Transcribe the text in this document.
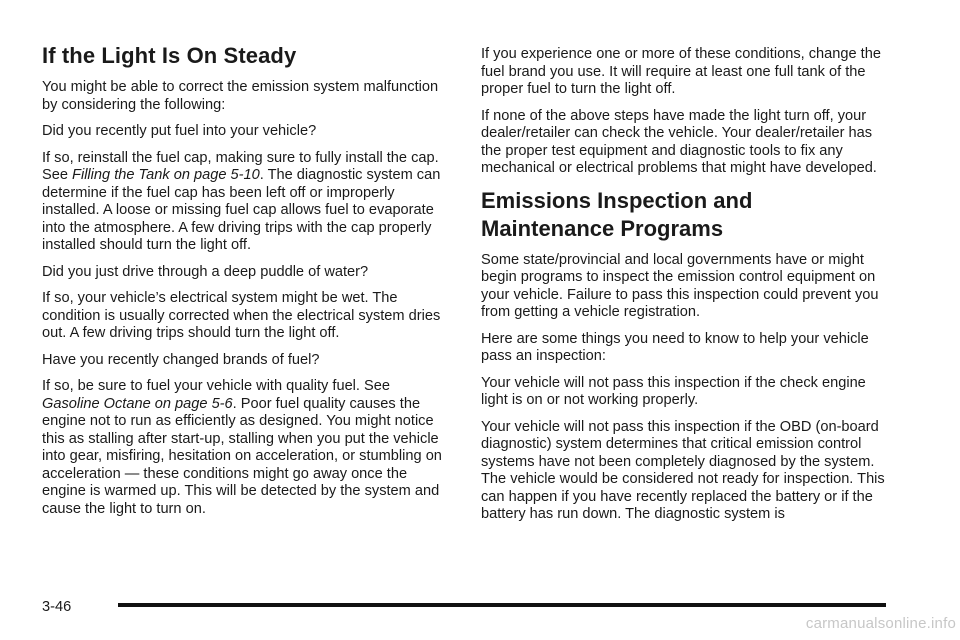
If the Light Is On Steady

You might be able to correct the emission system malfunction by considering the following:

Did you recently put fuel into your vehicle?

If so, reinstall the fuel cap, making sure to fully install the cap. See Filling the Tank on page 5-10. The diagnostic system can determine if the fuel cap has been left off or improperly installed. A loose or missing fuel cap allows fuel to evaporate into the atmosphere. A few driving trips with the cap properly installed should turn the light off.

Did you just drive through a deep puddle of water?

If so, your vehicle’s electrical system might be wet. The condition is usually corrected when the electrical system dries out. A few driving trips should turn the light off.

Have you recently changed brands of fuel?

If so, be sure to fuel your vehicle with quality fuel. See Gasoline Octane on page 5-6. Poor fuel quality causes the engine not to run as efficiently as designed. You might notice this as stalling after start-up, stalling when you put the vehicle into gear, misfiring, hesitation on acceleration, or stumbling on acceleration — these conditions might go away once the engine is warmed up. This will be detected by the system and cause the light to turn on.

If you experience one or more of these conditions, change the fuel brand you use. It will require at least one full tank of the proper fuel to turn the light off.

If none of the above steps have made the light turn off, your dealer/retailer can check the vehicle. Your dealer/retailer has the proper test equipment and diagnostic tools to fix any mechanical or electrical problems that might have developed.

Emissions Inspection and Maintenance Programs

Some state/provincial and local governments have or might begin programs to inspect the emission control equipment on your vehicle. Failure to pass this inspection could prevent you from getting a vehicle registration.

Here are some things you need to know to help your vehicle pass an inspection:

Your vehicle will not pass this inspection if the check engine light is on or not working properly.

Your vehicle will not pass this inspection if the OBD (on-board diagnostic) system determines that critical emission control systems have not been completely diagnosed by the system. The vehicle would be considered not ready for inspection. This can happen if you have recently replaced the battery or if the battery has run down. The diagnostic system is

3-46
carmanualsonline.info
